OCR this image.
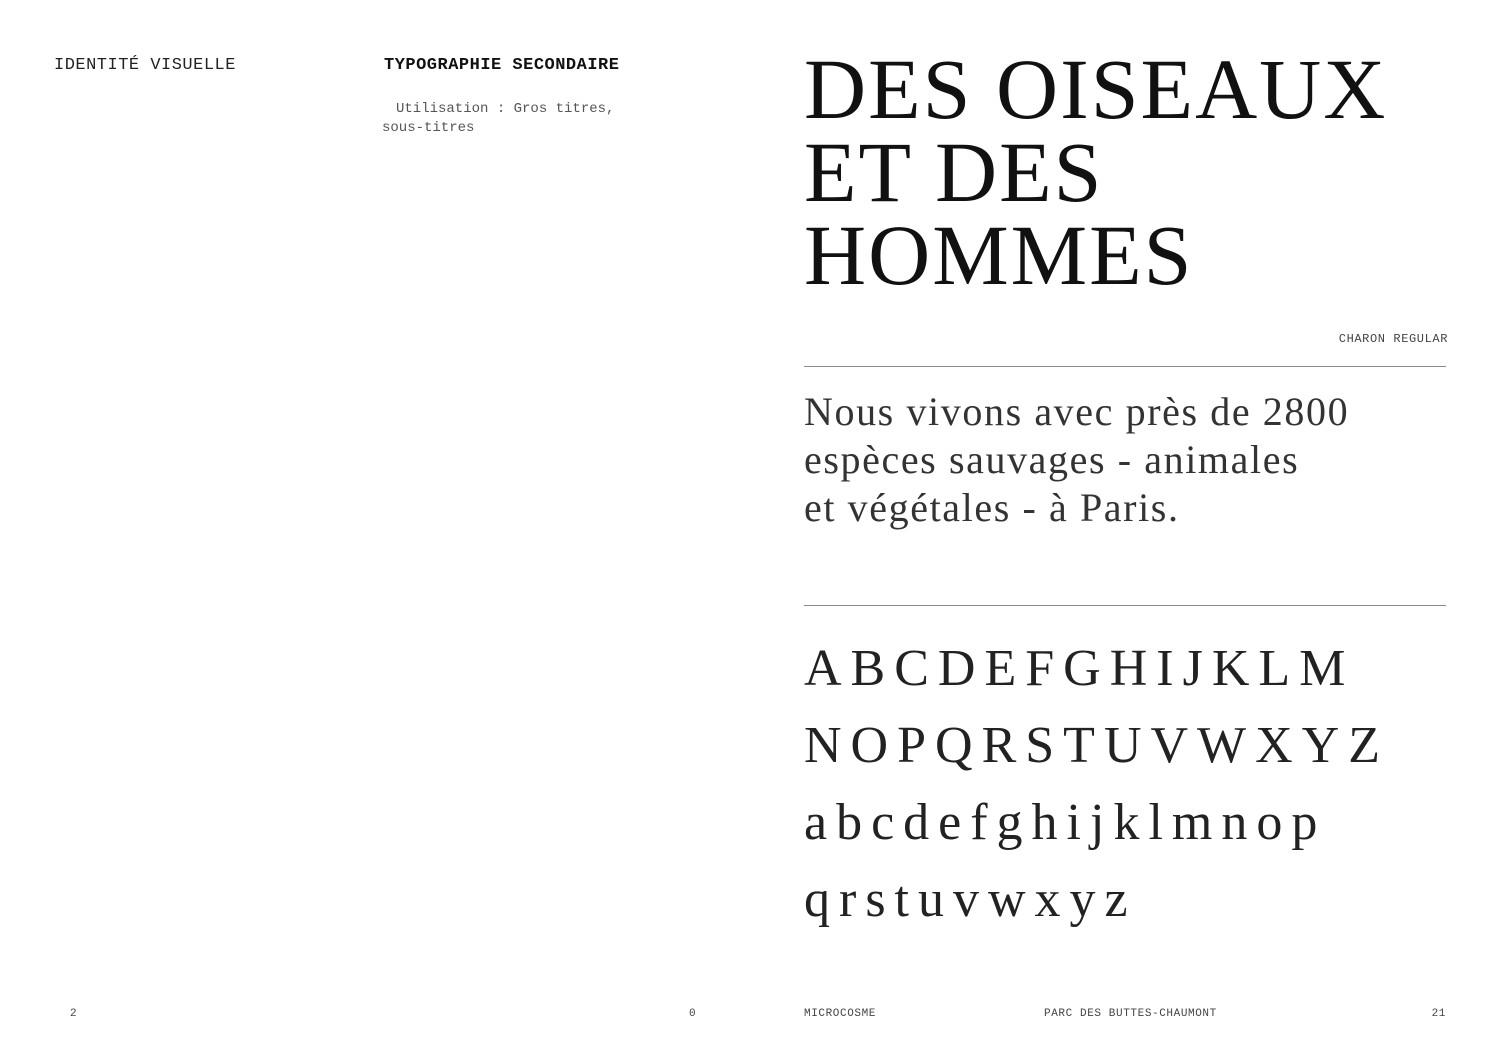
IDENTITÉ VISUELLE	TYPOGRAPHIE SECONDAIRE
Utilisation : Gros titres, sous-titres	DES OISEAUX
ET DES
HOMMES
CHARON REGULAR

Nous vivons avec près de 2800
espèces sauvages - animales
et végétales - à Paris.

ABCDEFGHIJKLM
NOPQRSTUVWXYZ
abcdefghijklmnop
qrstuvwxyz
2	0	MICROCOSME	PARC DES BUTTES-CHAUMONT	21
